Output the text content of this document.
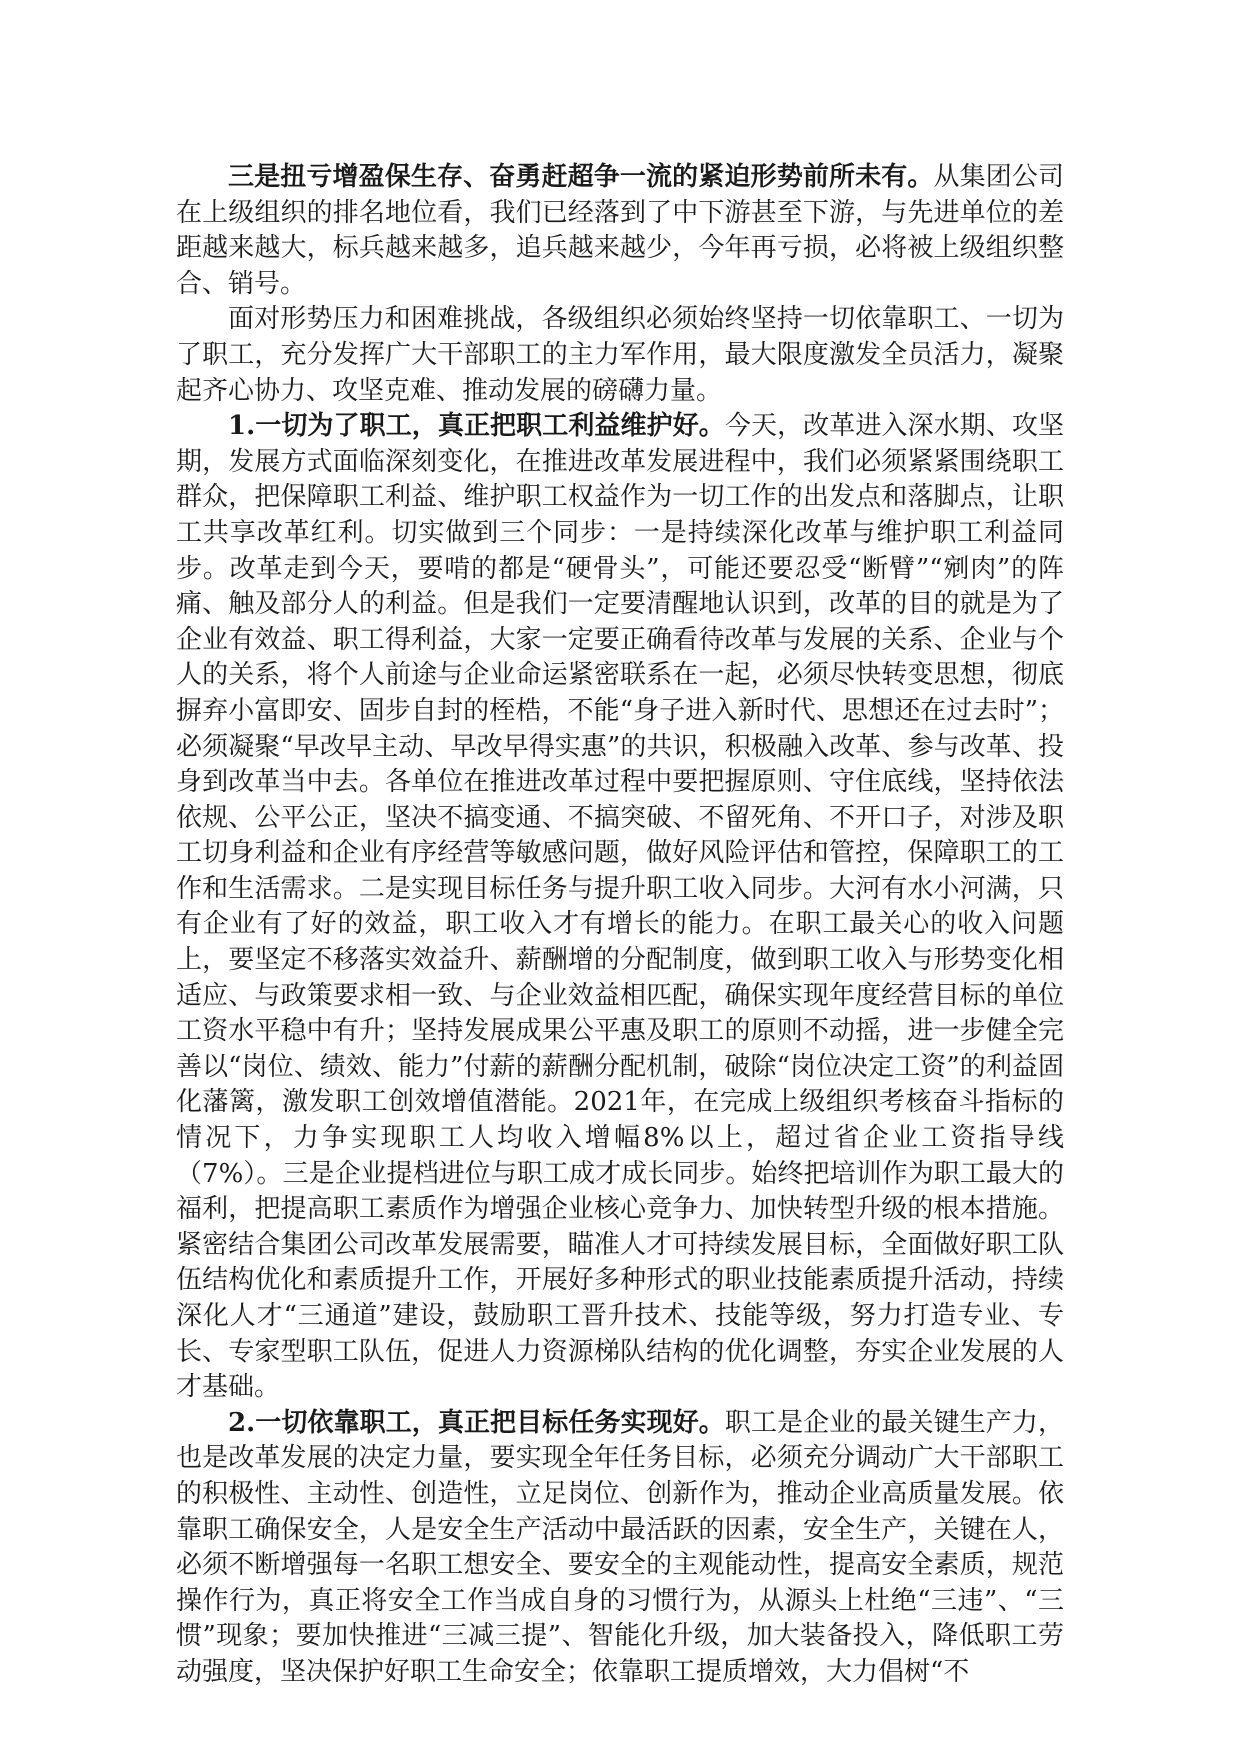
三是扭亏增盈保生存、奋勇赶超争一流的紧迫形势前所未有。从集团公司在上级组织的排名地位看，我们已经落到了中下游甚至下游，与先进单位的差距越来越大，标兵越来越多，追兵越来越少，今年再亏损，必将被上级组织整合、销号。

面对形势压力和困难挑战，各级组织必须始终坚持一切依靠职工、一切为了职工，充分发挥广大干部职工的主力军作用，最大限度激发全员活力，凝聚起齐心协力、攻坚克难、推动发展的磅礴力量。

1.一切为了职工，真正把职工利益维护好。今天，改革进入深水期、攻坚期，发展方式面临深刻变化，在推进改革发展进程中，我们必须紧紧围绕职工群众，把保障职工利益、维护职工权益作为一切工作的出发点和落脚点，让职工共享改革红利。切实做到三个同步：一是持续深化改革与维护职工利益同步。改革走到今天，要啃的都是“硬骨头”，可能还要忍受“断臂”“剜肉”的阵痛、触及部分人的利益。但是我们一定要清醒地认识到，改革的目的就是为了企业有效益、职工得利益，大家一定要正确看待改革与发展的关系、企业与个人的关系，将个人前途与企业命运紧密联系在一起，必须尽快转变思想，彻底摒弃小富即安、固步自封的桎梏，不能“身子进入新时代、思想还在过去时”；必须凝聚“早改早主动、早改早得实惠”的共识，积极融入改革、参与改革、投身到改革当中去。各单位在推进改革过程中要把握原则、守住底线，坚持依法依规、公平公正，坚决不搞变通、不搞突破、不留死角、不开口子，对涉及职工切身利益和企业有序经营等敏感问题，做好风险评估和管控，保障职工的工作和生活需求。二是实现目标任务与提升职工收入同步。大河有水小河满，只有企业有了好的效益，职工收入才有增长的能力。在职工最关心的收入问题上，要坚定不移落实效益升、薪酬增的分配制度，做到职工收入与形势变化相适应、与政策要求相一致、与企业效益相匹配，确保实现年度经营目标的单位工资水平稳中有升；坚持发展成果公平惠及职工的原则不动摇，进一步健全完善以“岗位、绩效、能力”付薪的薪酬分配机制，破除“岗位决定工资”的利益固化藩篱，激发职工创效增值潜能。2021年，在完成上级组织考核奋斗指标的情况下，力争实现职工人均收入增幅8%以上，超过省企业工资指导线（7%）。三是企业提档进位与职工成才成长同步。始终把培训作为职工最大的福利，把提高职工素质作为增强企业核心竞争力、加快转型升级的根本措施。紧密结合集团公司改革发展需要，瞄准人才可持续发展目标，全面做好职工队伍结构优化和素质提升工作，开展好多种形式的职业技能素质提升活动，持续深化人才“三通道”建设，鼓励职工晋升技术、技能等级，努力打造专业、专长、专家型职工队伍，促进人力资源梯队结构的优化调整，夯实企业发展的人才基础。

2.一切依靠职工，真正把目标任务实现好。职工是企业的最关键生产力，也是改革发展的决定力量，要实现全年任务目标，必须充分调动广大干部职工的积极性、主动性、创造性，立足岗位、创新作为，推动企业高质量发展。依靠职工确保安全，人是安全生产活动中最活跃的因素，安全生产，关键在人，必须不断增强每一名职工想安全、要安全的主观能动性，提高安全素质，规范操作行为，真正将安全工作当成自身的习惯行为，从源头上杜绝“三违”、“三惯”现象；要加快推进“三减三提”、智能化升级，加大装备投入，降低职工劳动强度，坚决保护好职工生命安全；依靠职工提质增效，大力倡树“不
